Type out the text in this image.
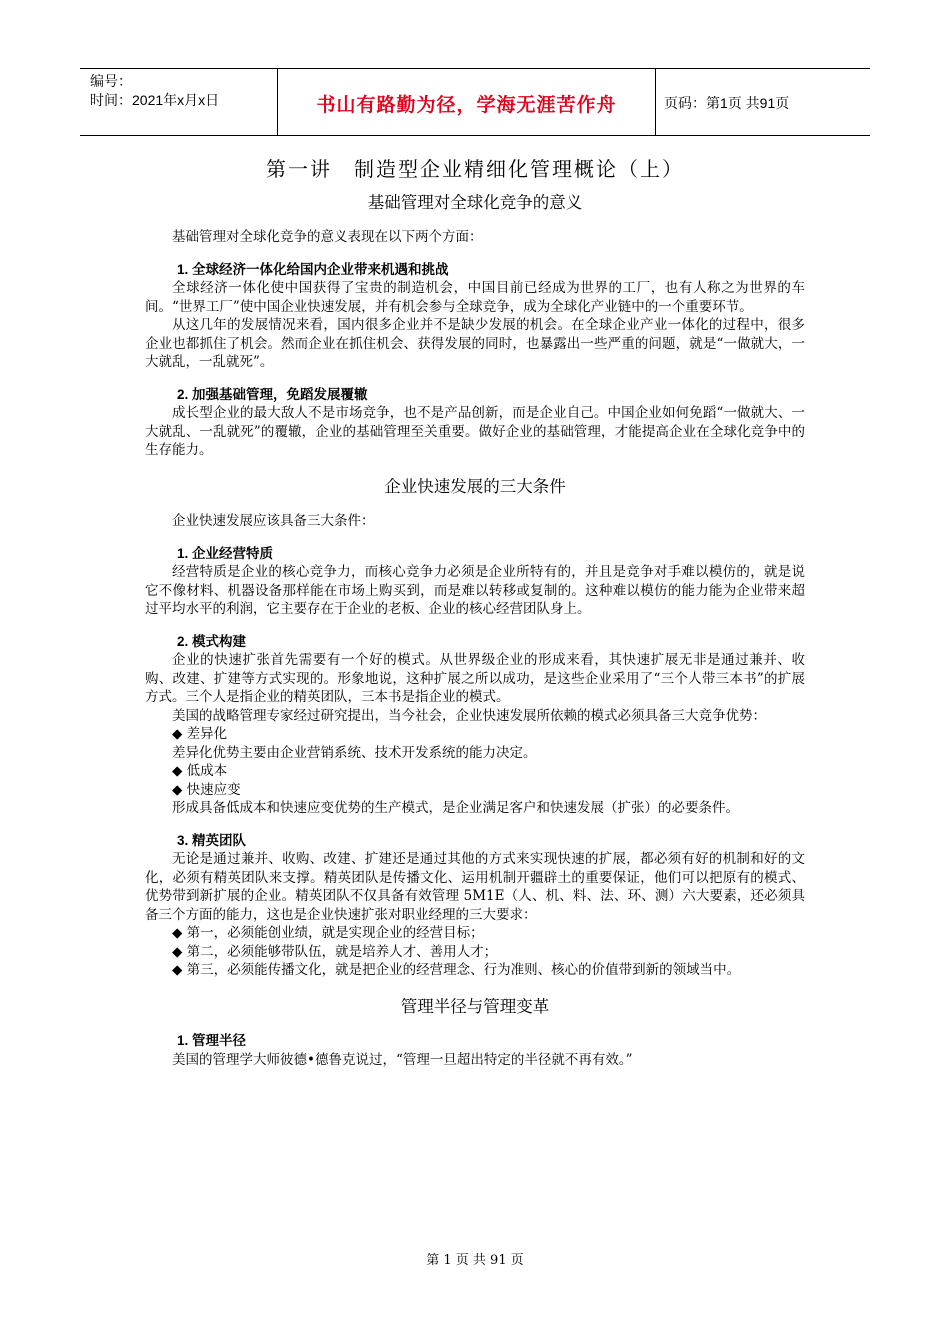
编号：
时间：2021年x月x日	书山有路勤为径，学海无涯苦作舟	页码：第1页 共91页
第一讲　制造型企业精细化管理概论（上）
基础管理对全球化竞争的意义

基础管理对全球化竞争的意义表现在以下两个方面：

1. 全球经济一体化给国内企业带来机遇和挑战

全球经济一体化使中国获得了宝贵的制造机会，中国目前已经成为世界的工厂，也有人称之为世界的车间。“世界工厂”使中国企业快速发展，并有机会参与全球竞争，成为全球化产业链中的一个重要环节。

从这几年的发展情况来看，国内很多企业并不是缺少发展的机会。在全球企业产业一体化的过程中，很多企业也都抓住了机会。然而企业在抓住机会、获得发展的同时，也暴露出一些严重的问题，就是“一做就大，一大就乱，一乱就死”。

2. 加强基础管理，免蹈发展覆辙

成长型企业的最大敌人不是市场竞争，也不是产品创新，而是企业自己。中国企业如何免蹈“一做就大、一大就乱、一乱就死”的覆辙，企业的基础管理至关重要。做好企业的基础管理，才能提高企业在全球化竞争中的生存能力。

企业快速发展的三大条件

企业快速发展应该具备三大条件：

1. 企业经营特质

经营特质是企业的核心竞争力，而核心竞争力必须是企业所特有的，并且是竞争对手难以模仿的，就是说它不像材料、机器设备那样能在市场上购买到，而是难以转移或复制的。这种难以模仿的能力能为企业带来超过平均水平的利润，它主要存在于企业的老板、企业的核心经营团队身上。

2. 模式构建

企业的快速扩张首先需要有一个好的模式。从世界级企业的形成来看，其快速扩展无非是通过兼并、收购、改建、扩建等方式实现的。形象地说，这种扩展之所以成功，是这些企业采用了“三个人带三本书”的扩展方式。三个人是指企业的精英团队，三本书是指企业的模式。

美国的战略管理专家经过研究提出，当今社会，企业快速发展所依赖的模式必须具备三大竞争优势：

◆ 差异化

差异化优势主要由企业营销系统、技术开发系统的能力决定。

◆ 低成本

◆ 快速应变

形成具备低成本和快速应变优势的生产模式，是企业满足客户和快速发展（扩张）的必要条件。

3. 精英团队

无论是通过兼并、收购、改建、扩建还是通过其他的方式来实现快速的扩展，都必须有好的机制和好的文化，必须有精英团队来支撑。精英团队是传播文化、运用机制开疆辟土的重要保证，他们可以把原有的模式、优势带到新扩展的企业。精英团队不仅具备有效管理 5M1E（人、机、料、法、环、测）六大要素，还必须具备三个方面的能力，这也是企业快速扩张对职业经理的三大要求：

◆ 第一，必须能创业绩，就是实现企业的经营目标；

◆ 第二，必须能够带队伍，就是培养人才、善用人才；

◆ 第三，必须能传播文化，就是把企业的经营理念、行为准则、核心的价值带到新的领域当中。

管理半径与管理变革
1. 管理半径

美国的管理学大师彼德•德鲁克说过，“管理一旦超出特定的半径就不再有效。”

第 1 页 共 91 页
